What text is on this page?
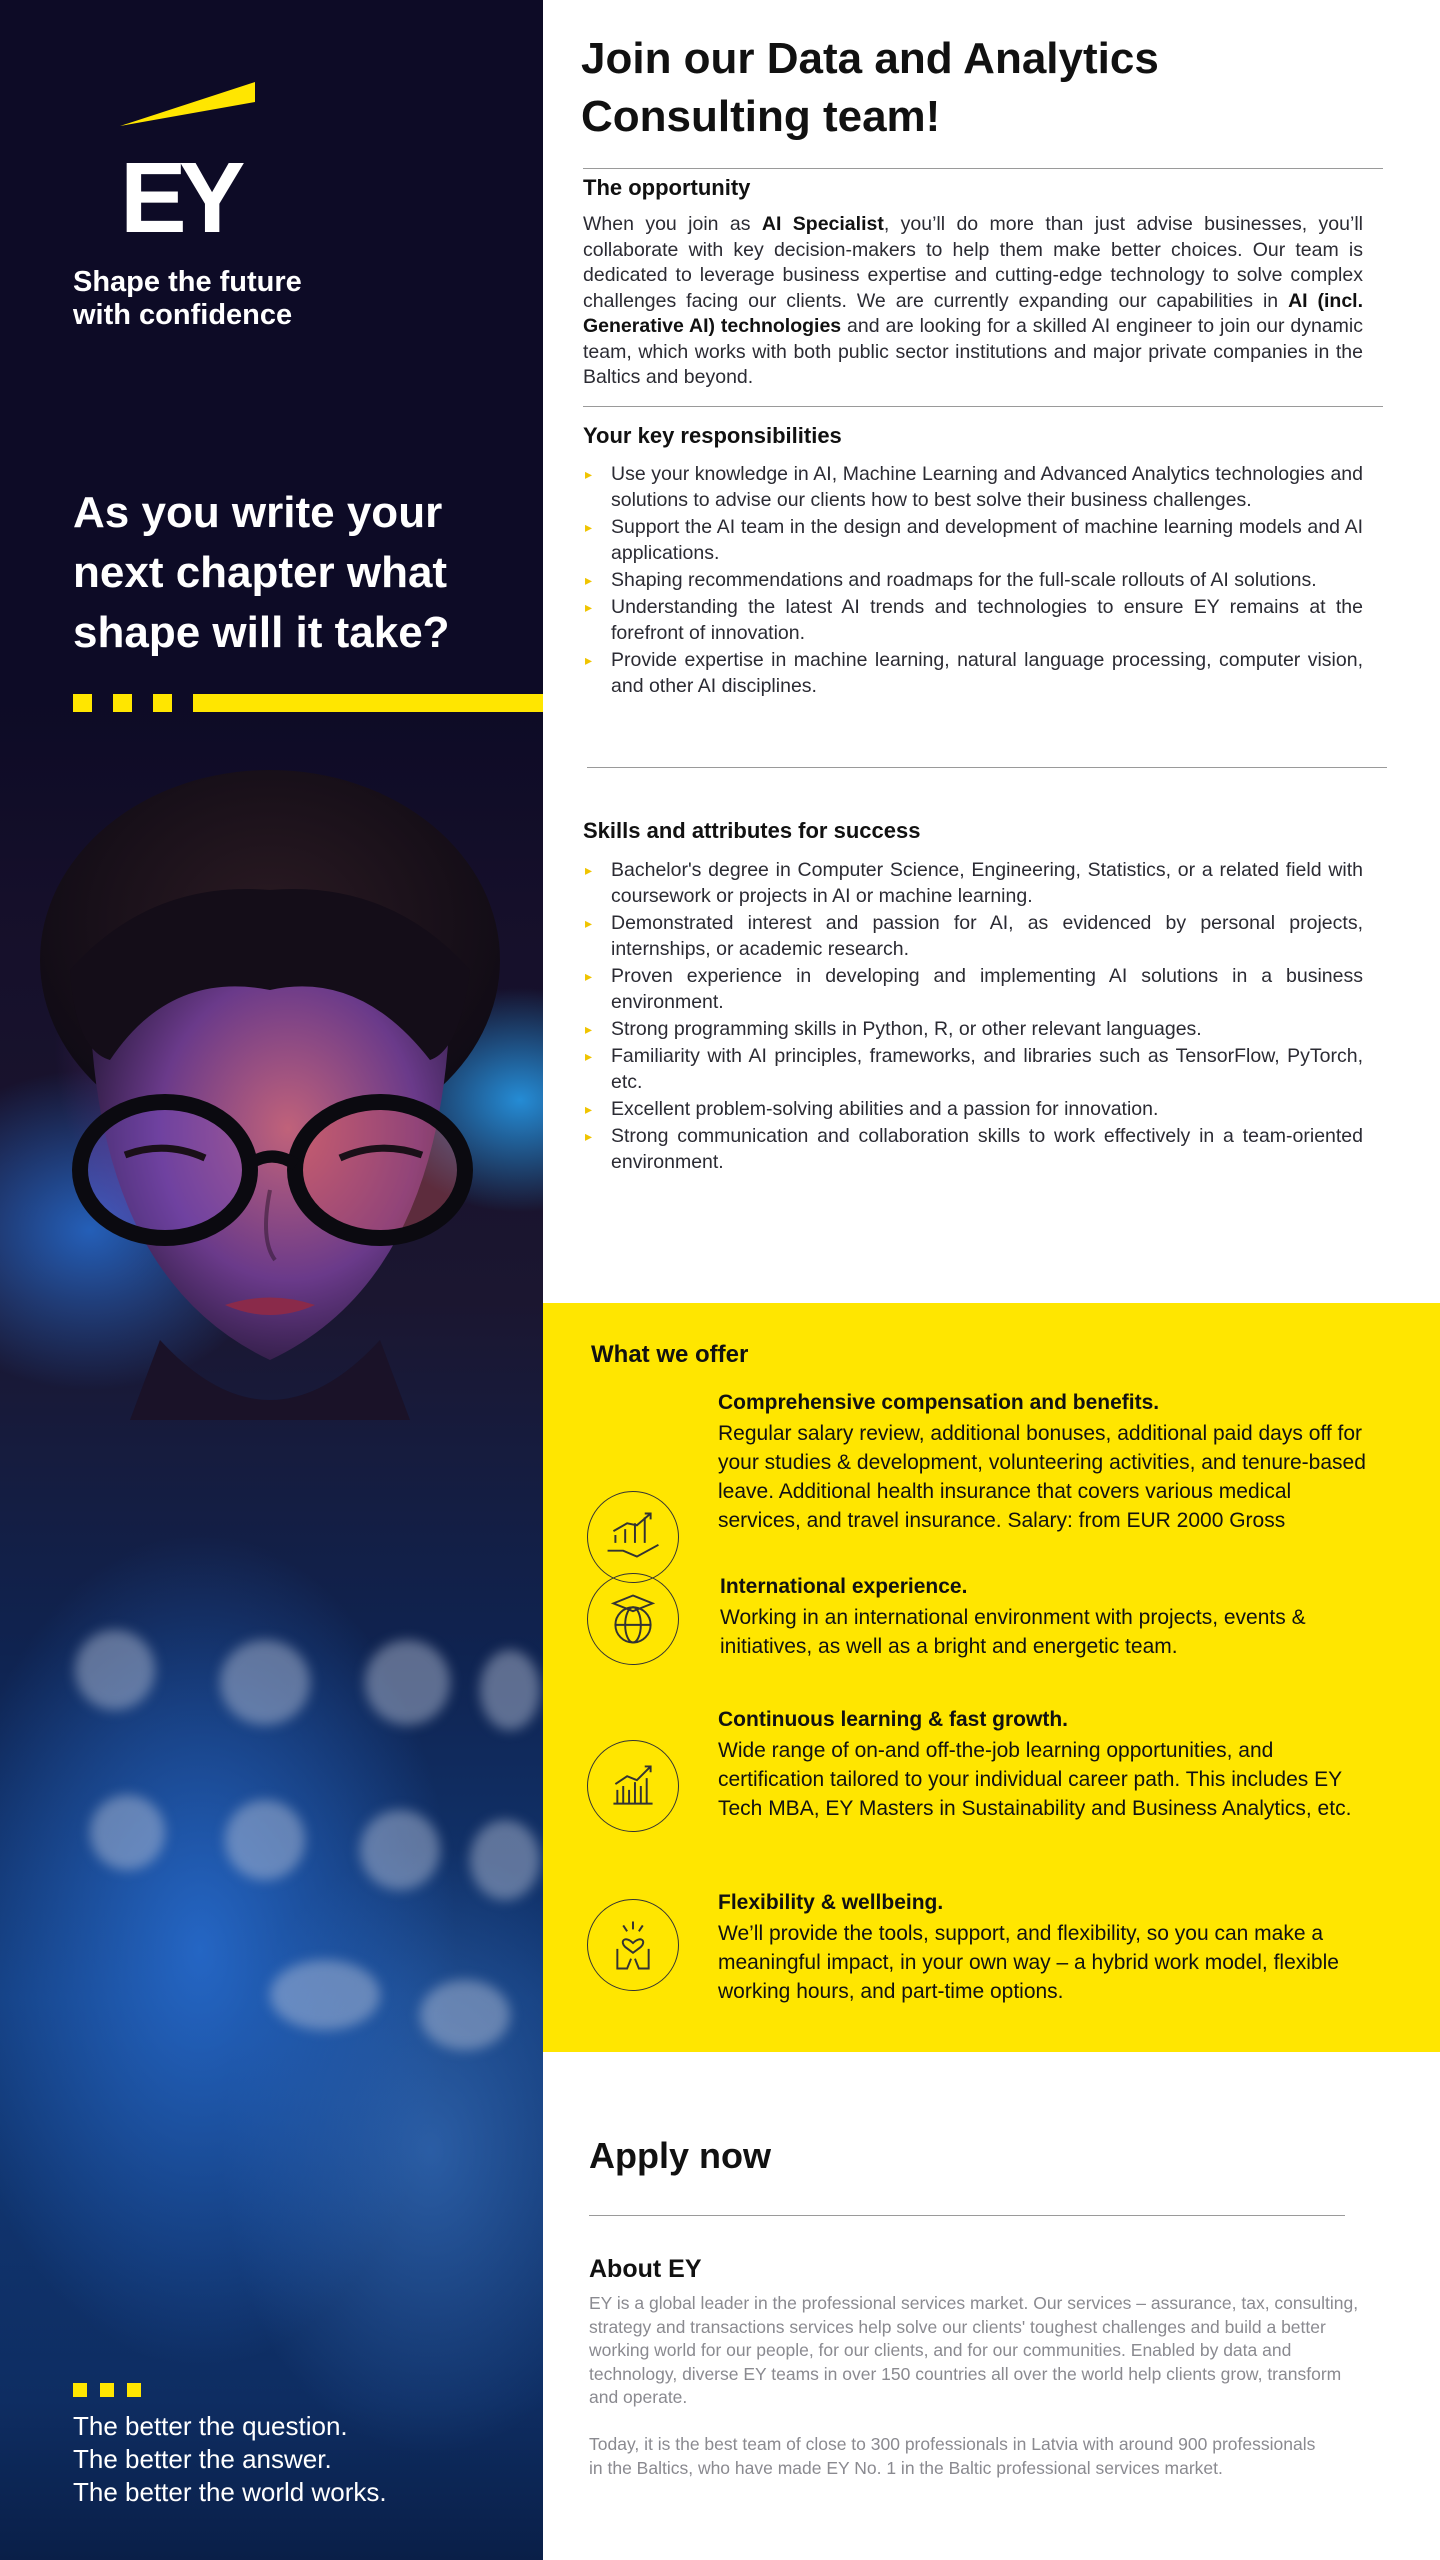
EY
Shape the future
with confidence
As you write your
next chapter what
shape will it take?
The better the question.
The better the answer.
The better the world works.
Join our Data and Analytics Consulting team!
The opportunity

When you join as AI Specialist, you’ll do more than just advise businesses, you’ll collaborate with key decision-makers to help them make better choices. Our team is dedicated to leverage business expertise and cutting-edge technology to solve complex challenges facing our clients. We are currently expanding our capabilities in AI (incl. Generative AI) technologies and are looking for a skilled AI engineer to join our dynamic team, which works with both public sector institutions and major private companies in the Baltics and beyond.

Your key responsibilities
▸ Use your knowledge in AI, Machine Learning and Advanced Analytics technologies and solutions to advise our clients how to best solve their business challenges.
▸ Support the AI team in the design and development of machine learning models and AI applications.
▸ Shaping recommendations and roadmaps for the full-scale rollouts of AI solutions.
▸ Understanding the latest AI trends and technologies to ensure EY remains at the forefront of innovation.
▸ Provide expertise in machine learning, natural language processing, computer vision, and other AI disciplines.
Skills and attributes for success
▸ Bachelor's degree in Computer Science, Engineering, Statistics, or a related field with coursework or projects in AI or machine learning.
▸ Demonstrated interest and passion for AI, as evidenced by personal projects, internships, or academic research.
▸ Proven experience in developing and implementing AI solutions in a business environment.
▸ Strong programming skills in Python, R, or other relevant languages.
▸ Familiarity with AI principles, frameworks, and libraries such as TensorFlow, PyTorch, etc.
▸ Excellent problem-solving abilities and a passion for innovation.
▸ Strong communication and collaboration skills to work effectively in a team-oriented environment.
What we offer
Comprehensive compensation and benefits.
Regular salary review, additional bonuses, additional paid days off for your studies & development, volunteering activities, and tenure-based leave. Additional health insurance that covers various medical services, and travel insurance. Salary: from EUR 2000 Gross
International experience.
Working in an international environment with projects, events & initiatives, as well as a bright and energetic team.
Continuous learning & fast growth.
Wide range of on-and off-the-job learning opportunities, and certification tailored to your individual career path. This includes EY Tech MBA, EY Masters in Sustainability and Business Analytics, etc.
Flexibility & wellbeing.
We’ll provide the tools, support, and flexibility, so you can make a meaningful impact, in your own way – a hybrid work model, flexible working hours, and part-time options.
Apply now
About EY

EY is a global leader in the professional services market. Our services – assurance, tax, consulting, strategy and transactions services help solve our clients' toughest challenges and build a better working world for our people, for our clients, and for our communities. Enabled by data and technology, diverse EY teams in over 150 countries all over the world help clients grow, transform and operate.

Today, it is the best team of close to 300 professionals in Latvia with around 900 professionals in the Baltics, who have made EY No. 1 in the Baltic professional services market.
